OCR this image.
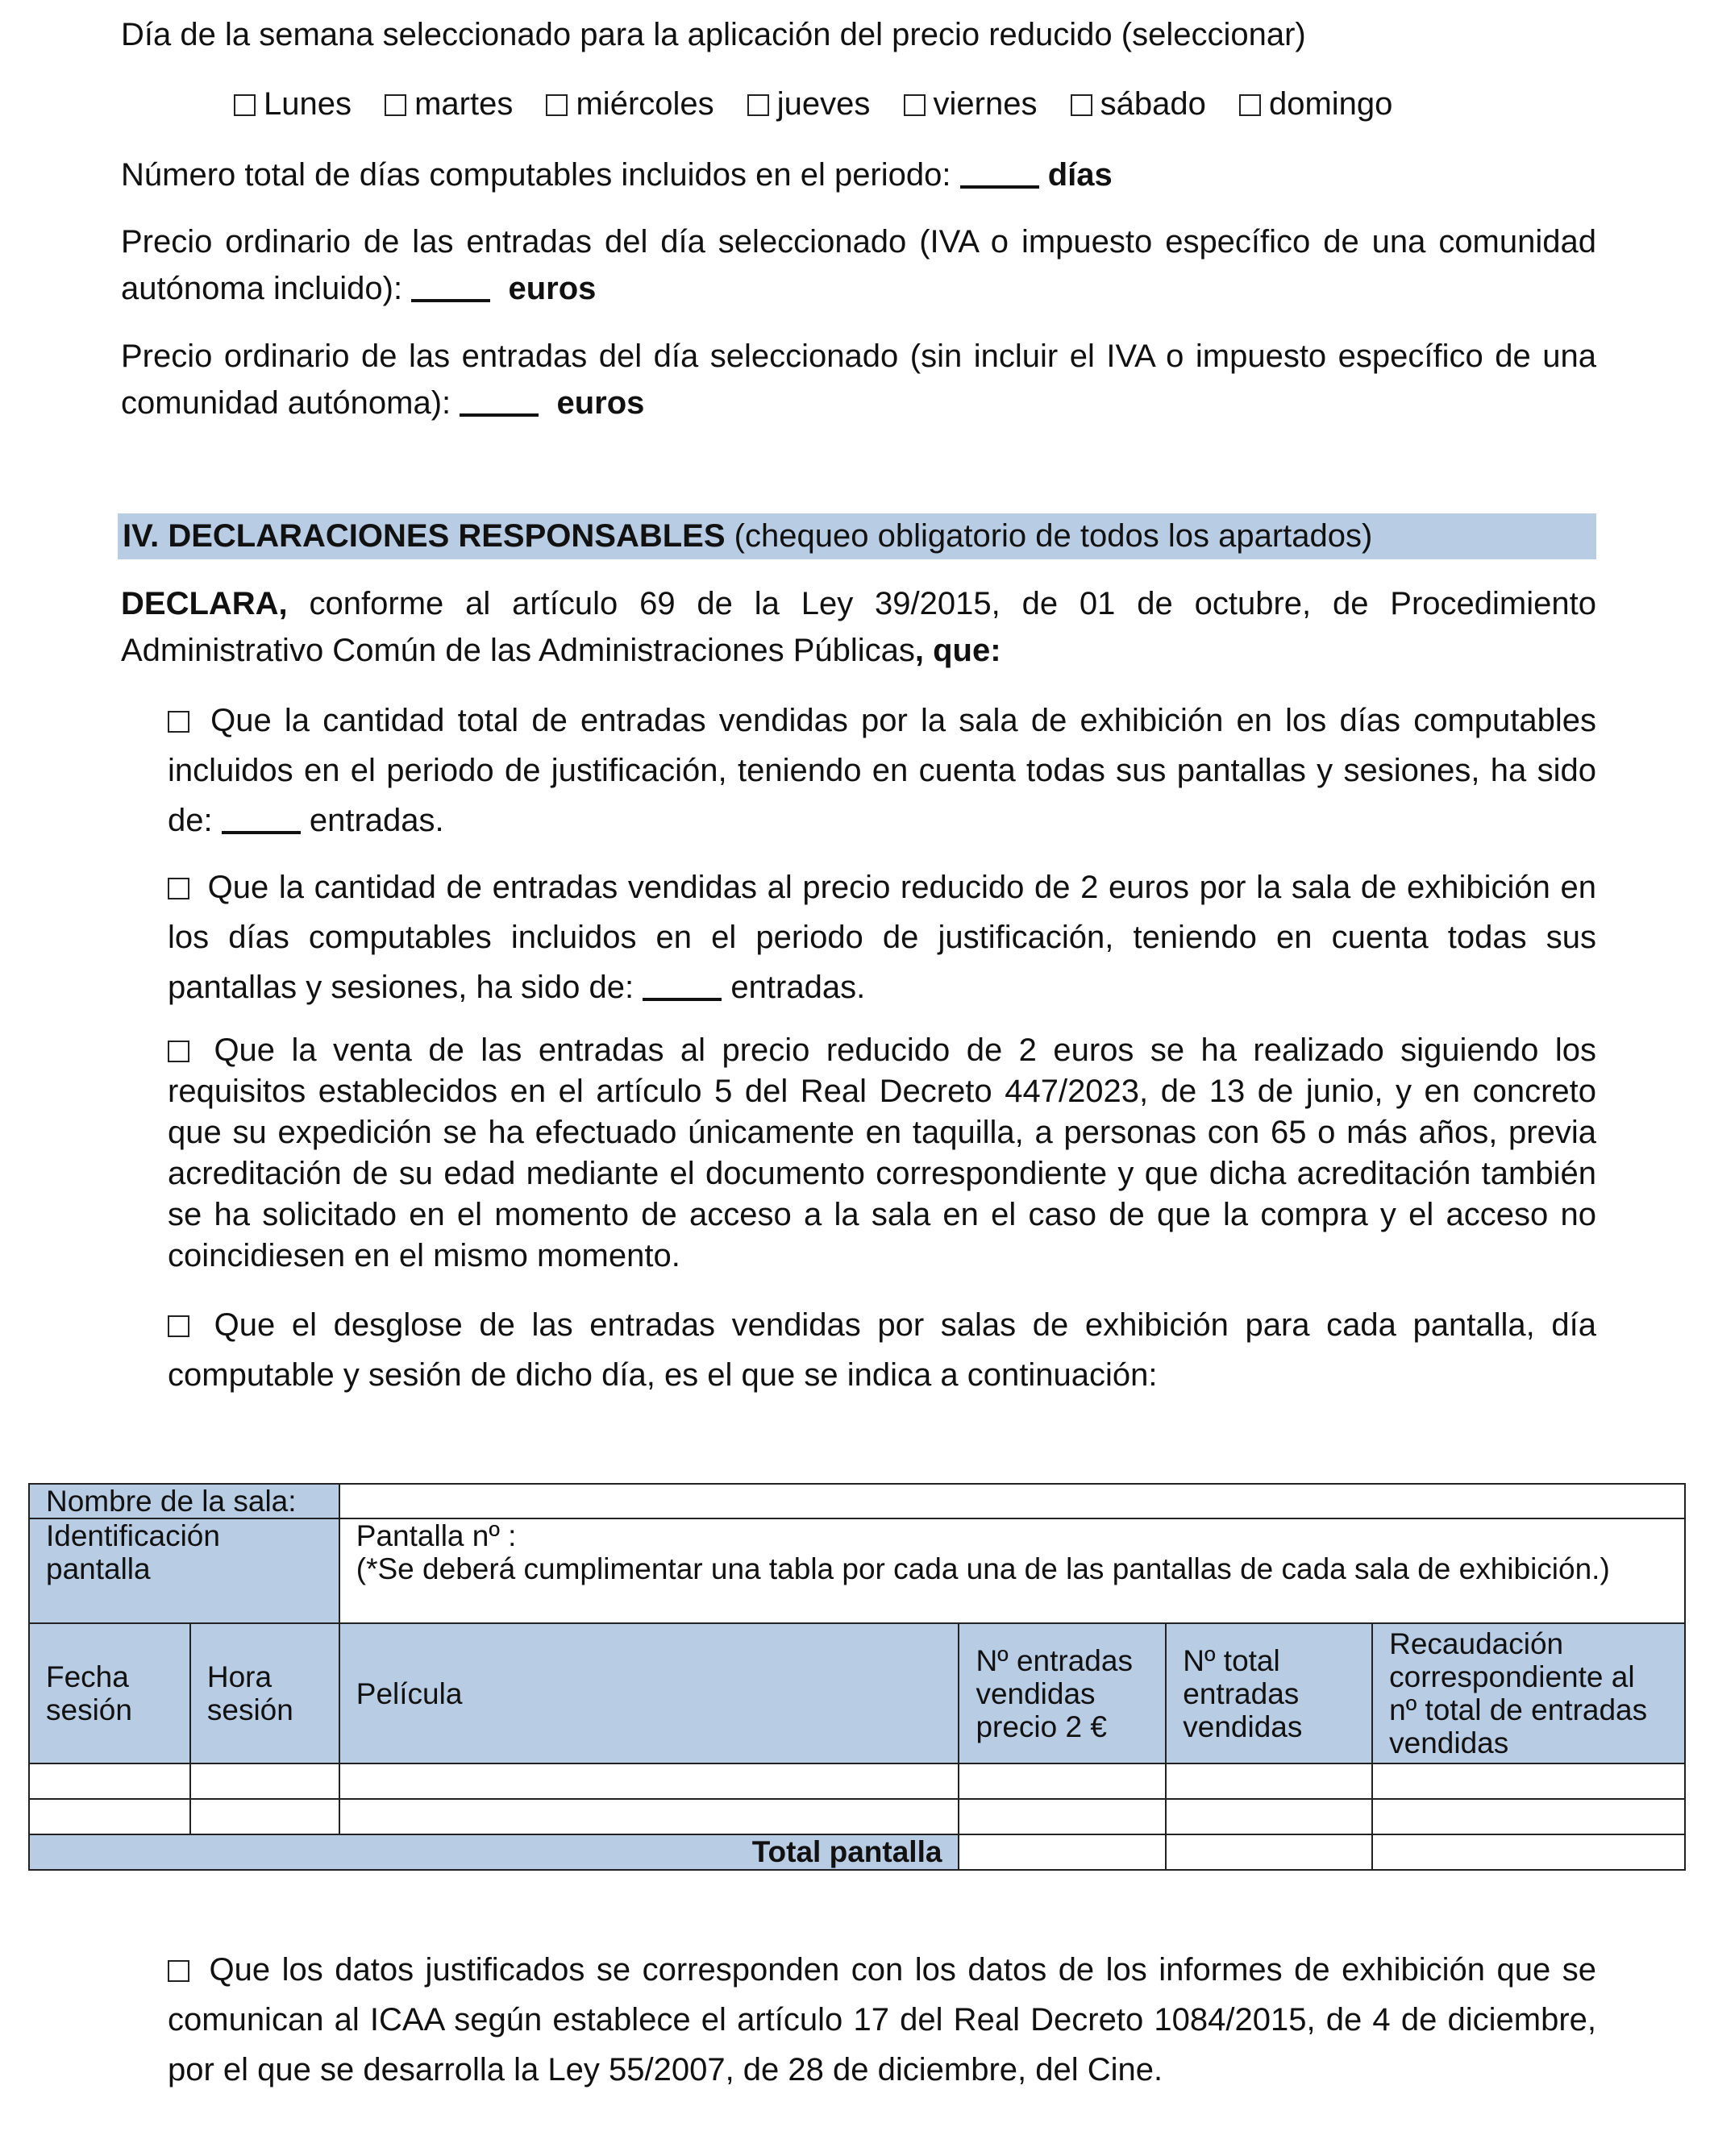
Día de la semana seleccionado para la aplicación del precio reducido (seleccionar)

Lunes martes miércoles jueves viernes sábado domingo

Número total de días computables incluidos en el periodo:	días

Precio ordinario de las entradas del día seleccionado (IVA o impuesto específico de una comunidad autónoma incluido):	euros

Precio ordinario de las entradas del día seleccionado (sin incluir el IVA o impuesto específico de una comunidad autónoma):	euros

IV. DECLARACIONES RESPONSABLES (chequeo obligatorio de todos los apartados)

DECLARA, conforme al artículo 69 de la Ley 39/2015, de 01 de octubre, de Procedimiento Administrativo Común de las Administraciones Públicas, que:

Que la cantidad total de entradas vendidas por la sala de exhibición en los días computables incluidos en el periodo de justificación, teniendo en cuenta todas sus pantallas y sesiones, ha sido de:	entradas.

Que la cantidad de entradas vendidas al precio reducido de 2 euros por la sala de exhibición en los días computables incluidos en el periodo de justificación, teniendo en cuenta todas sus pantallas y sesiones, ha sido de:	entradas.

Que la venta de las entradas al precio reducido de 2 euros se ha realizado siguiendo los requisitos establecidos en el artículo 5 del Real Decreto 447/2023, de 13 de junio, y en concreto que su expedición se ha efectuado únicamente en taquilla, a personas con 65 o más años, previa acreditación de su edad mediante el documento correspondiente y que dicha acreditación también se ha solicitado en el momento de acceso a la sala en el caso de que la compra y el acceso no coincidiesen en el mismo momento.

Que el desglose de las entradas vendidas por salas de exhibición para cada pantalla, día computable y sesión de dicho día, es el que se indica a continuación:

Nombre de la sala:					
Identificación pantalla		Pantalla nº :
(*Se deberá cumplimentar una tabla por cada una de las pantallas de cada sala de exhibición.)			

Fecha sesión	Hora sesión	Película	Nº entradas vendidas precio 2 €	Nº total entradas vendidas	Recaudación correspondiente al nº total de entradas vendidas

Total pantalla					

Que los datos justificados se corresponden con los datos de los informes de exhibición que se comunican al ICAA según establece el artículo 17 del Real Decreto 1084/2015, de 4 de diciembre, por el que se desarrolla la Ley 55/2007, de 28 de diciembre, del Cine.
